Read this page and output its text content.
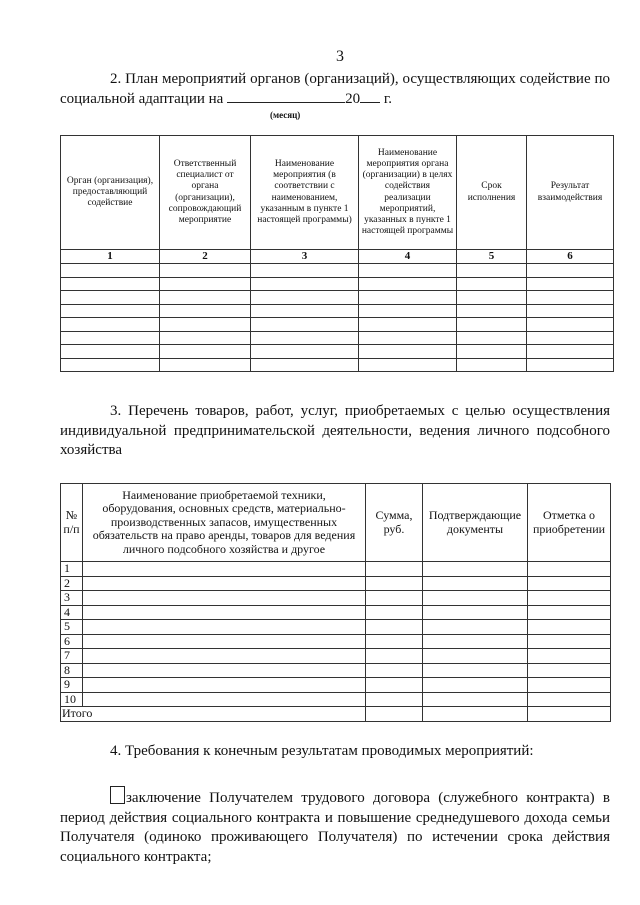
3
2. План мероприятий органов (организаций), осуществляющих содействие по социальной адаптации на	20 г.
(месяц)
Орган (организация), предоставляющий содействие	Ответственный специалист от органа (организации), сопровождающий мероприятие	Наименование мероприятия (в соответствии с наименованием, указанным в пункте 1 настоящей программы)	Наименование мероприятия органа (организации) в целях содействия реализации мероприятий, указанных в пункте 1 настоящей программы	Срок исполнения	Результат взаимодействия
1	2	3	4	5	6

3. Перечень товаров, работ, услуг, приобретаемых с целью осуществления индивидуальной предпринимательской деятельности, ведения личного подсобного хозяйства
№ п/п	Наименование приобретаемой техники, оборудования, основных средств, материально-производственных запасов, имущественных обязательств на право аренды, товаров для ведения личного подсобного хозяйства и другое	Сумма, руб.	Подтверждающие документы	Отметка о приобретении
1				
2				
3				
4				
5				
6				
7				
8				
9				
10				
Итого				
4. Требования к конечным результатам проводимых мероприятий:
заключение Получателем трудового договора (служебного контракта) в период действия социального контракта и повышение среднедушевого дохода семьи Получателя (одиноко проживающего Получателя) по истечении срока действия социального контракта;
